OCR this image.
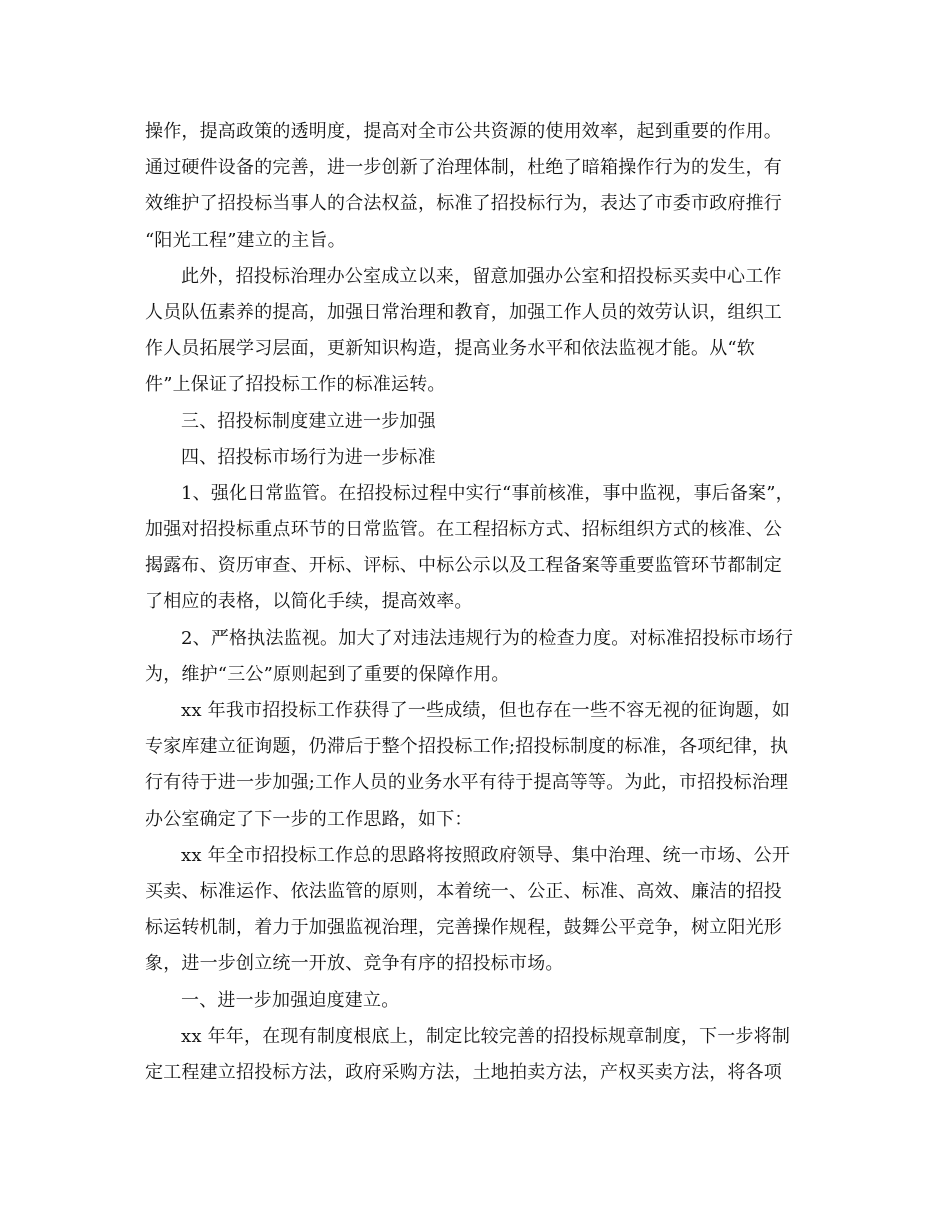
操作，提高政策的透明度，提高对全市公共资源的使用效率，起到重要的作用。
通过硬件设备的完善，进一步创新了治理体制，杜绝了暗箱操作行为的发生，有
效维护了招投标当事人的合法权益，标准了招投标行为，表达了市委市政府推行
“阳光工程”建立的主旨。
此外，招投标治理办公室成立以来，留意加强办公室和招投标买卖中心工作
人员队伍素养的提高，加强日常治理和教育，加强工作人员的效劳认识，组织工
作人员拓展学习层面，更新知识构造，提高业务水平和依法监视才能。从“软
件”上保证了招投标工作的标准运转。
三、招投标制度建立进一步加强
四、招投标市场行为进一步标准
1、强化日常监管。在招投标过程中实行“事前核准，事中监视，事后备案”，
加强对招投标重点环节的日常监管。在工程招标方式、招标组织方式的核准、公
揭露布、资历审查、开标、评标、中标公示以及工程备案等重要监管环节都制定
了相应的表格，以简化手续，提高效率。
2、严格执法监视。加大了对违法违规行为的检查力度。对标准招投标市场行
为，维护“三公”原则起到了重要的保障作用。
xx 年我市招投标工作获得了一些成绩，但也存在一些不容无视的征询题，如
专家库建立征询题，仍滞后于整个招投标工作;招投标制度的标准，各项纪律，执
行有待于进一步加强;工作人员的业务水平有待于提高等等。为此，市招投标治理
办公室确定了下一步的工作思路，如下：
xx 年全市招投标工作总的思路将按照政府领导、集中治理、统一市场、公开
买卖、标准运作、依法监管的原则，本着统一、公正、标准、高效、廉洁的招投
标运转机制，着力于加强监视治理，完善操作规程，鼓舞公平竞争，树立阳光形
象，进一步创立统一开放、竞争有序的招投标市场。
一、进一步加强迫度建立。
xx 年年，在现有制度根底上，制定比较完善的招投标规章制度，下一步将制
定工程建立招投标方法，政府采购方法，土地拍卖方法，产权买卖方法，将各项
